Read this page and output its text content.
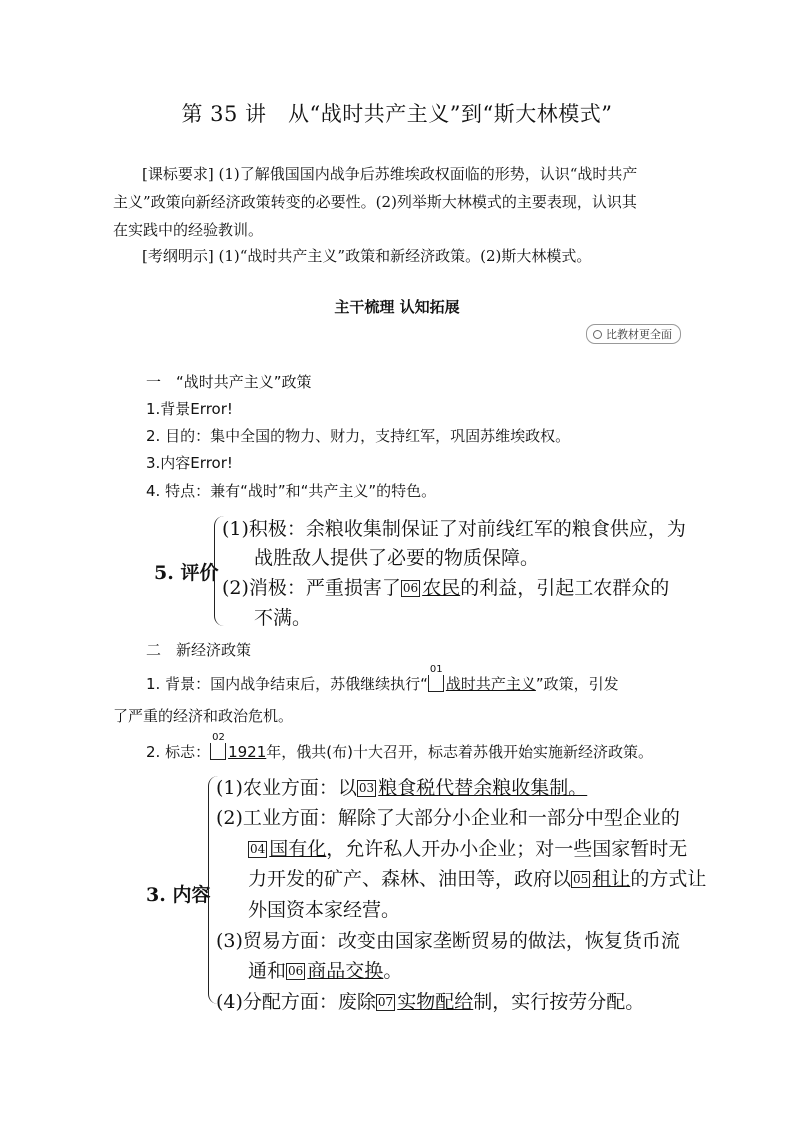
第 35 讲　从“战时共产主义”到“斯大林模式”
[课标要求] (1)了解俄国国内战争后苏维埃政权面临的形势，认识“战时共产
主义”政策向新经济政策转变的必要性。(2)列举斯大林模式的主要表现，认识其
在实践中的经验教训。
[考纲明示] (1)“战时共产主义”政策和新经济政策。(2)斯大林模式。
主干梳理 认知拓展
比教材更全面
一　“战时共产主义”政策
1.背景Error!
2. 目的：集中全国的物力、财力，支持红军，巩固苏维埃政权。
3.内容Error!
4. 特点：兼有“战时”和“共产主义”的特色。
5. 评价
(1)积极：余粮收集制保证了对前线红军的粮食供应，为
战胜敌人提供了必要的物质保障。
(2)消极：严重损害了 06 农民的利益，引起工农群众的
不满。
二　新经济政策
1. 背景：国内战争结束后，苏俄继续执行“
01
战时共产主义”政策，引发
了严重的经济和政治危机。
2. 标志：
02
1921年，俄共(布)十大召开，标志着苏俄开始实施新经济政策。
3. 内容
(1)农业方面：以 03 粮食税代替余粮收集制。
(2)工业方面：解除了大部分小企业和一部分中型企业的
04 国有化，允许私人开办小企业；对一些国家暂时无
力开发的矿产、森林、油田等，政府以 05 租让的方式让
外国资本家经营。
(3)贸易方面：改变由国家垄断贸易的做法，恢复货币流
通和 06 商品交换。
(4)分配方面：废除 07 实物配给制，实行按劳分配。
